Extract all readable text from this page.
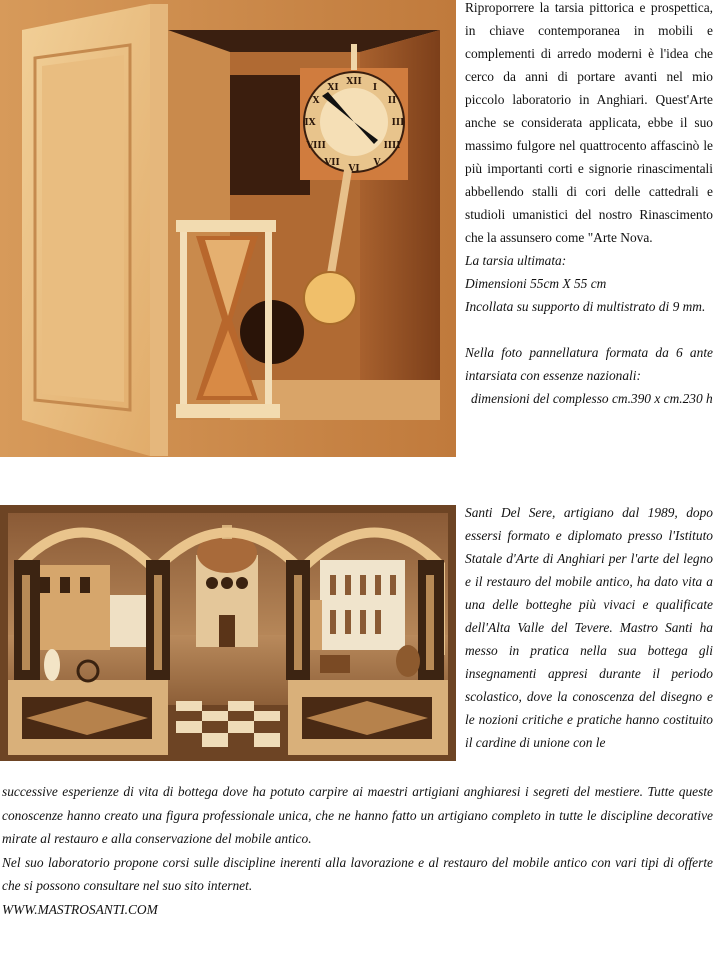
XII
I
II
III
IIII
V
VI
VII
VIII
IX
X
XI

Riproporrere la tarsia pittorica e prospettica, in chiave contemporanea in mobili e complementi di arredo moderni è l'idea che cerco da anni di portare avanti nel mio piccolo laboratorio in Anghiari. Quest'Arte anche se considerata applicata, ebbe il suo massimo fulgore nel quattrocento affascinò le più importanti corti e signorie rinascimentali abbellendo stalli di cori delle cattedrali e studioli umanistici del nostro Rinascimento che la assunsero come "Arte Nova.

La tarsia ultimata:

Dimensioni 55cm X 55 cm

Incollata su supporto di multistrato di 9 mm.

Nella foto pannellatura formata da 6 ante intarsiata con essenze nazionali:

dimensioni del complesso cm.390 x cm.230 h

Santi Del Sere, artigiano dal 1989, dopo essersi formato e diplomato presso l'Istituto Statale d'Arte di Anghiari per l'arte del legno e il restauro del mobile antico, ha dato vita a una delle botteghe più vivaci e qualificate dell'Alta Valle del Tevere. Mastro Santi ha messo in pratica nella sua bottega gli insegnamenti appresi durante il periodo scolastico, dove la conoscenza del disegno e le nozioni critiche e pratiche hanno costituito il cardine di unione con le

successive esperienze di vita di bottega dove ha potuto carpire ai maestri artigiani anghiaresi i segreti del mestiere. Tutte queste conoscenze hanno creato una figura professionale unica, che ne hanno fatto un artigiano completo in tutte le discipline decorative mirate al restauro e alla conservazione del mobile antico.

Nel suo laboratorio propone corsi sulle discipline inerenti alla lavorazione e al restauro del mobile antico con vari tipi di offerte che si possono consultare nel suo sito internet.

WWW.MASTROSANTI.COM
